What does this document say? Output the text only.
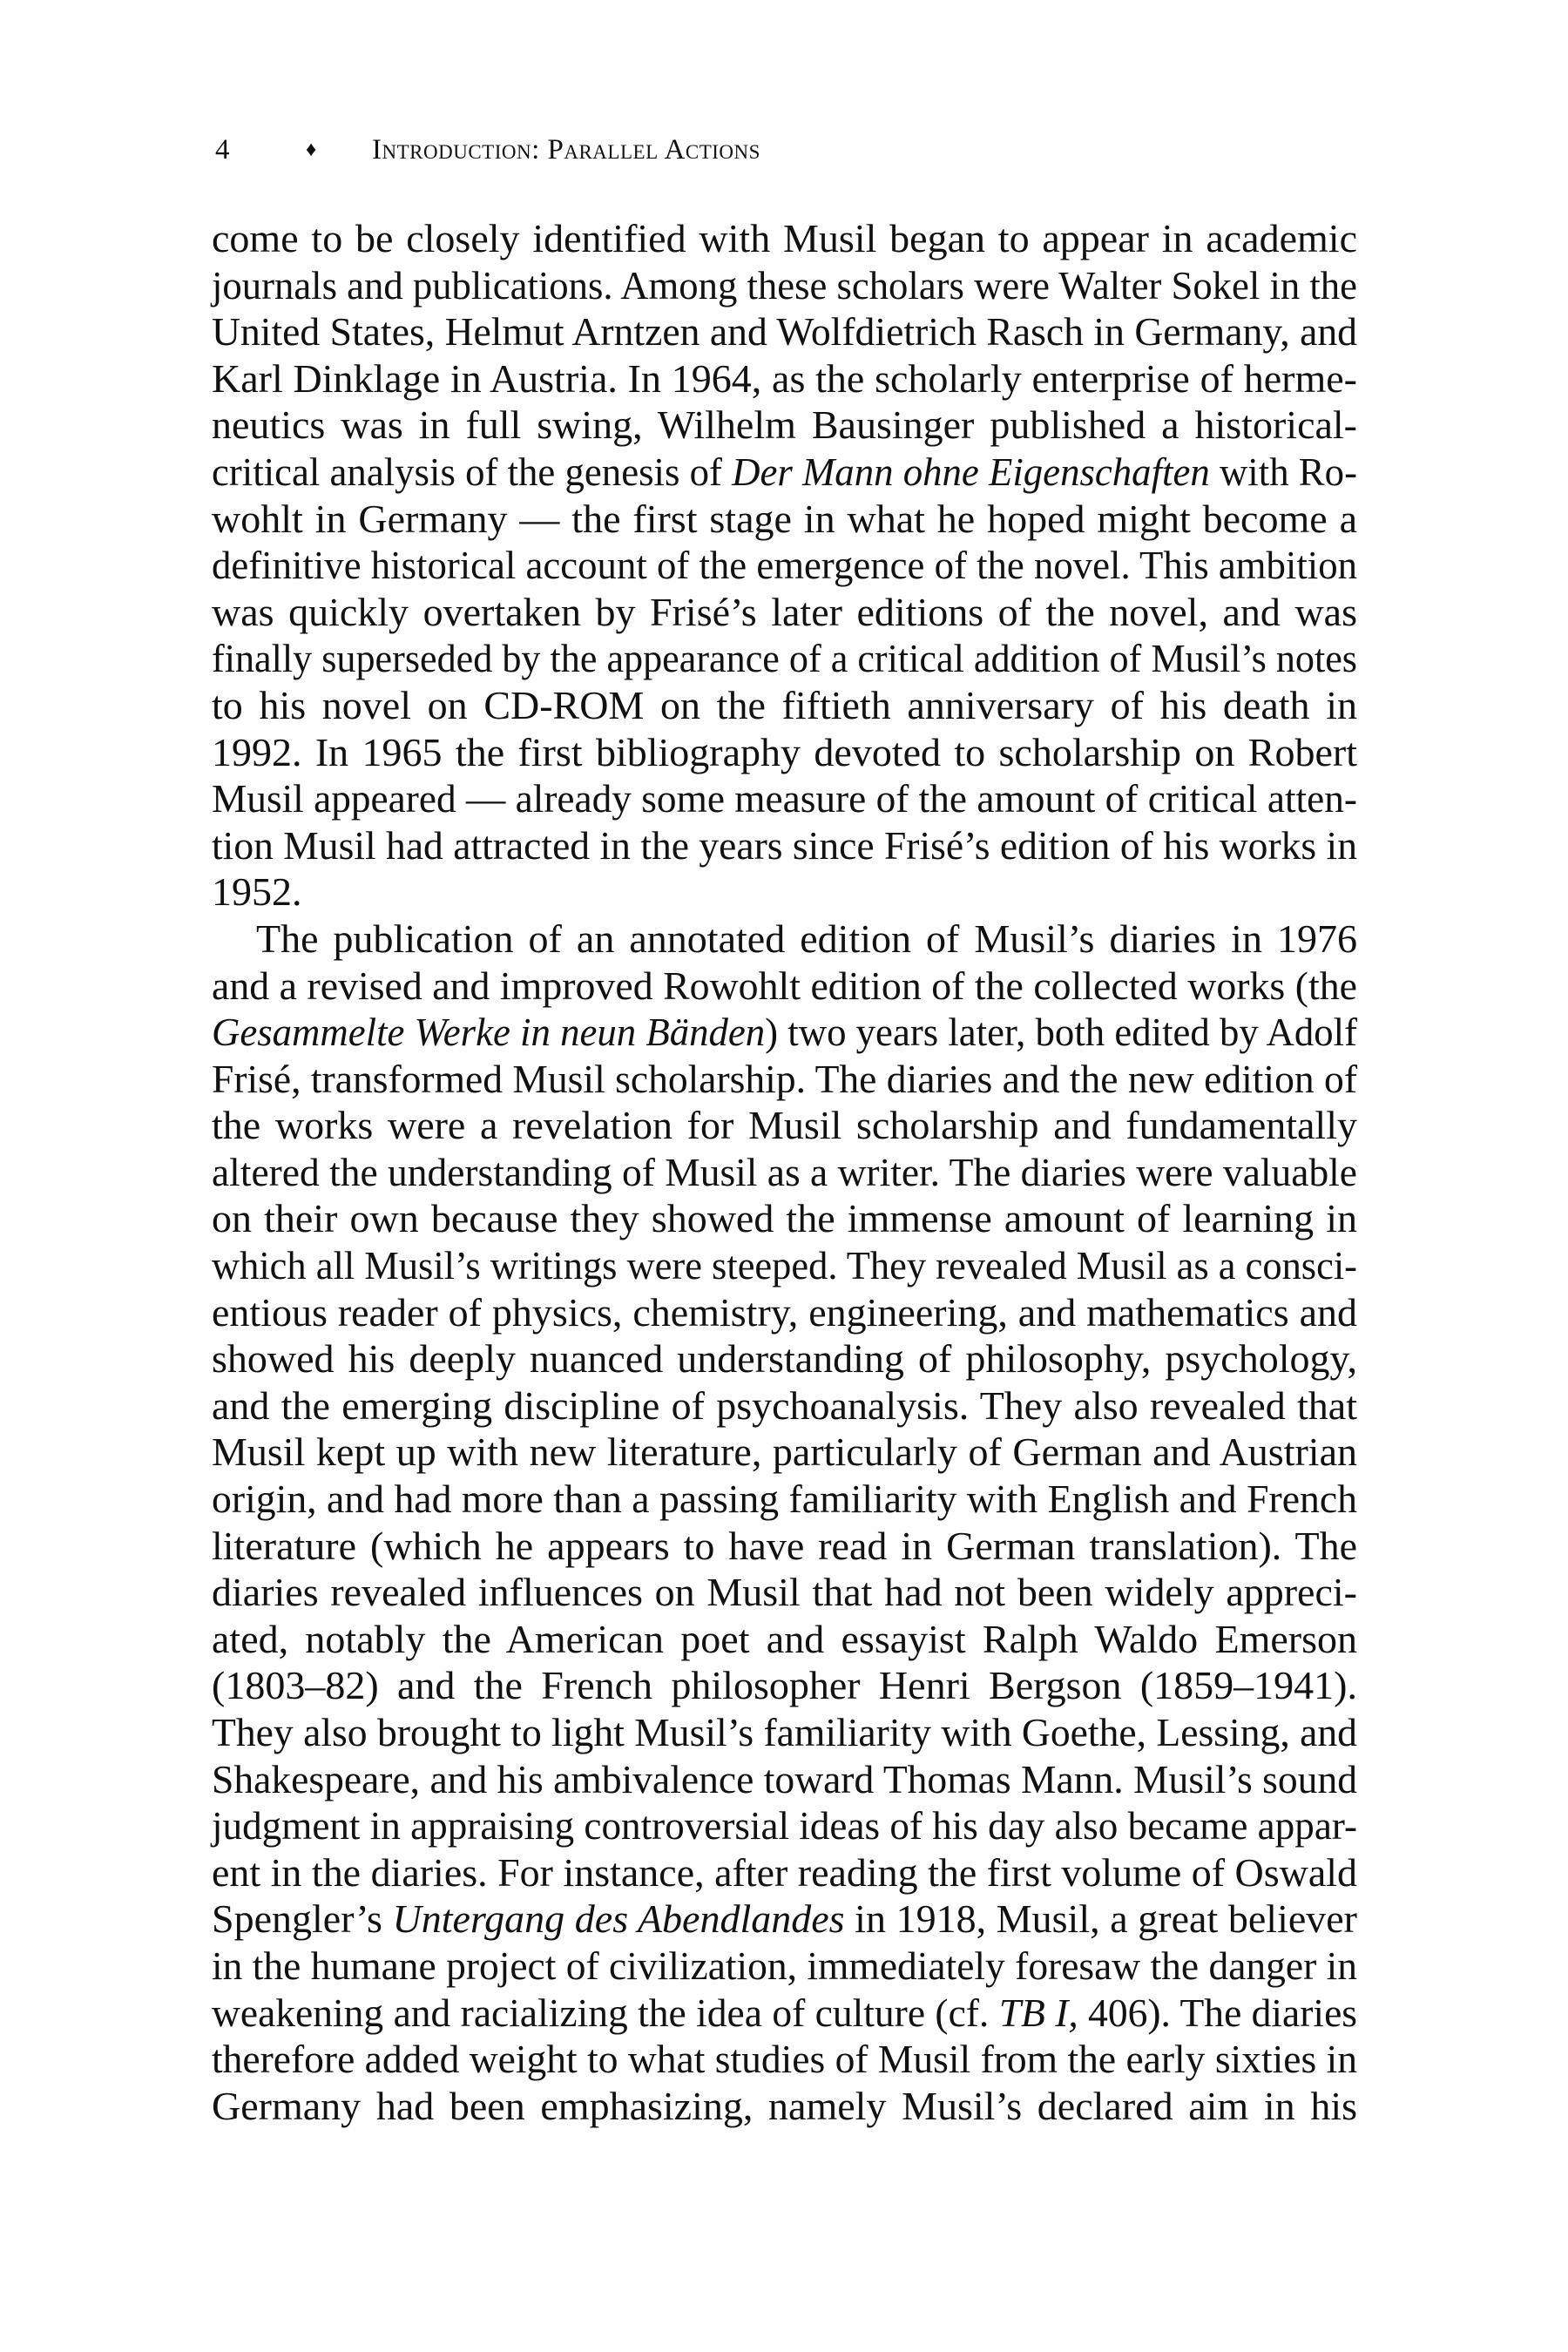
4	♦ Introduction: Parallel Actions
come to be closely identified with Musil began to appear in academic
journals and publications. Among these scholars were Walter Sokel in the
United States, Helmut Arntzen and Wolfdietrich Rasch in Germany, and
Karl Dinklage in Austria. In 1964, as the scholarly enterprise of herme-
neutics was in full swing, Wilhelm Bausinger published a historical-
critical analysis of the genesis of Der Mann ohne Eigenschaften with Ro-
wohlt in Germany — the first stage in what he hoped might become a
definitive historical account of the emergence of the novel. This ambition
was quickly overtaken by Frisé’s later editions of the novel, and was
finally superseded by the appearance of a critical addition of Musil’s notes
to his novel on CD-ROM on the fiftieth anniversary of his death in
1992. In 1965 the first bibliography devoted to scholarship on Robert
Musil appeared — already some measure of the amount of critical atten-
tion Musil had attracted in the years since Frisé’s edition of his works in
1952.
The publication of an annotated edition of Musil’s diaries in 1976
and a revised and improved Rowohlt edition of the collected works (the
Gesammelte Werke in neun Bänden) two years later, both edited by Adolf
Frisé, transformed Musil scholarship. The diaries and the new edition of
the works were a revelation for Musil scholarship and fundamentally
altered the understanding of Musil as a writer. The diaries were valuable
on their own because they showed the immense amount of learning in
which all Musil’s writings were steeped. They revealed Musil as a consci-
entious reader of physics, chemistry, engineering, and mathematics and
showed his deeply nuanced understanding of philosophy, psychology,
and the emerging discipline of psychoanalysis. They also revealed that
Musil kept up with new literature, particularly of German and Austrian
origin, and had more than a passing familiarity with English and French
literature (which he appears to have read in German translation). The
diaries revealed influences on Musil that had not been widely appreci-
ated, notably the American poet and essayist Ralph Waldo Emerson
(1803–82) and the French philosopher Henri Bergson (1859–1941).
They also brought to light Musil’s familiarity with Goethe, Lessing, and
Shakespeare, and his ambivalence toward Thomas Mann. Musil’s sound
judgment in appraising controversial ideas of his day also became appar-
ent in the diaries. For instance, after reading the first volume of Oswald
Spengler’s Untergang des Abendlandes in 1918, Musil, a great believer
in the humane project of civilization, immediately foresaw the danger in
weakening and racializing the idea of culture (cf. TB I, 406). The diaries
therefore added weight to what studies of Musil from the early sixties in
Germany had been emphasizing, namely Musil’s declared aim in his
